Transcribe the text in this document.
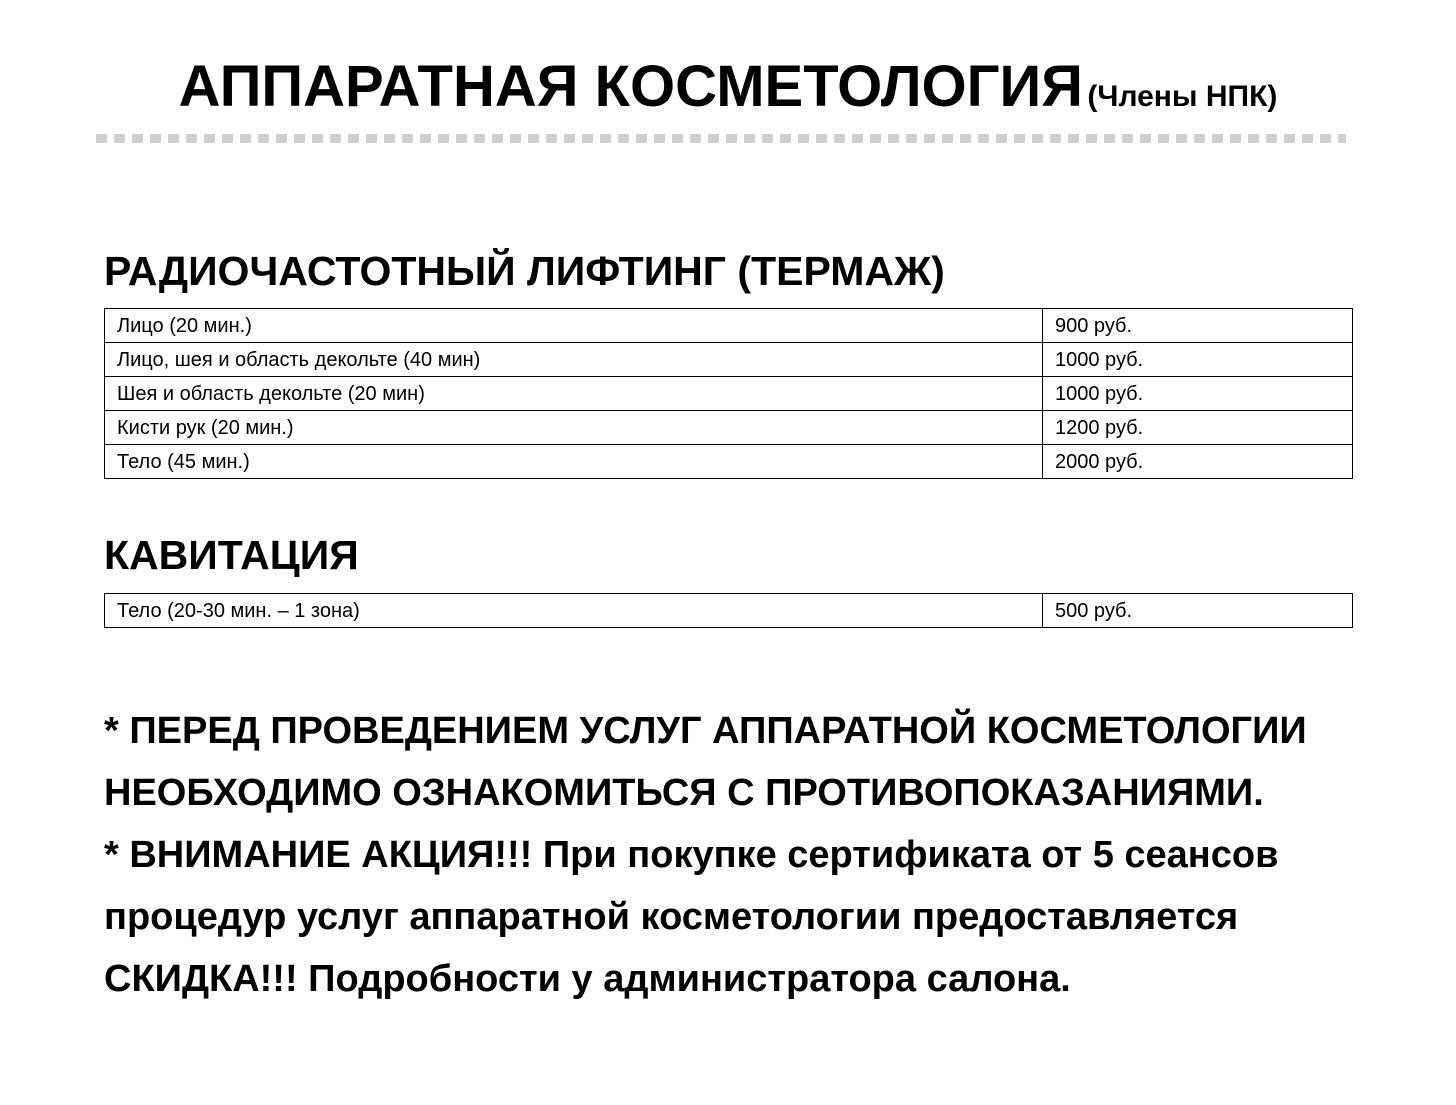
АППАРАТНАЯ КОСМЕТОЛОГИЯ (Члены НПК)
РАДИОЧАСТОТНЫЙ ЛИФТИНГ (ТЕРМАЖ)
Лицо (20 мин.)	900 руб.
Лицо, шея и область декольте (40 мин)	1000 руб.
Шея и область декольте (20 мин)	1000 руб.
Кисти рук (20 мин.)	1200 руб.
Тело (45 мин.)	2000 руб.
КАВИТАЦИЯ
Тело (20-30 мин. – 1 зона)	500 руб.

* ПЕРЕД ПРОВЕДЕНИЕМ УСЛУГ АППАРАТНОЙ КОСМЕТОЛОГИИ НЕОБХОДИМО ОЗНАКОМИТЬСЯ С ПРОТИВОПОКАЗАНИЯМИ.

* ВНИМАНИЕ АКЦИЯ!!! При покупке сертификата от 5 сеансов процедур услуг аппаратной косметологии предоставляется СКИДКА!!! Подробности у администратора салона.
